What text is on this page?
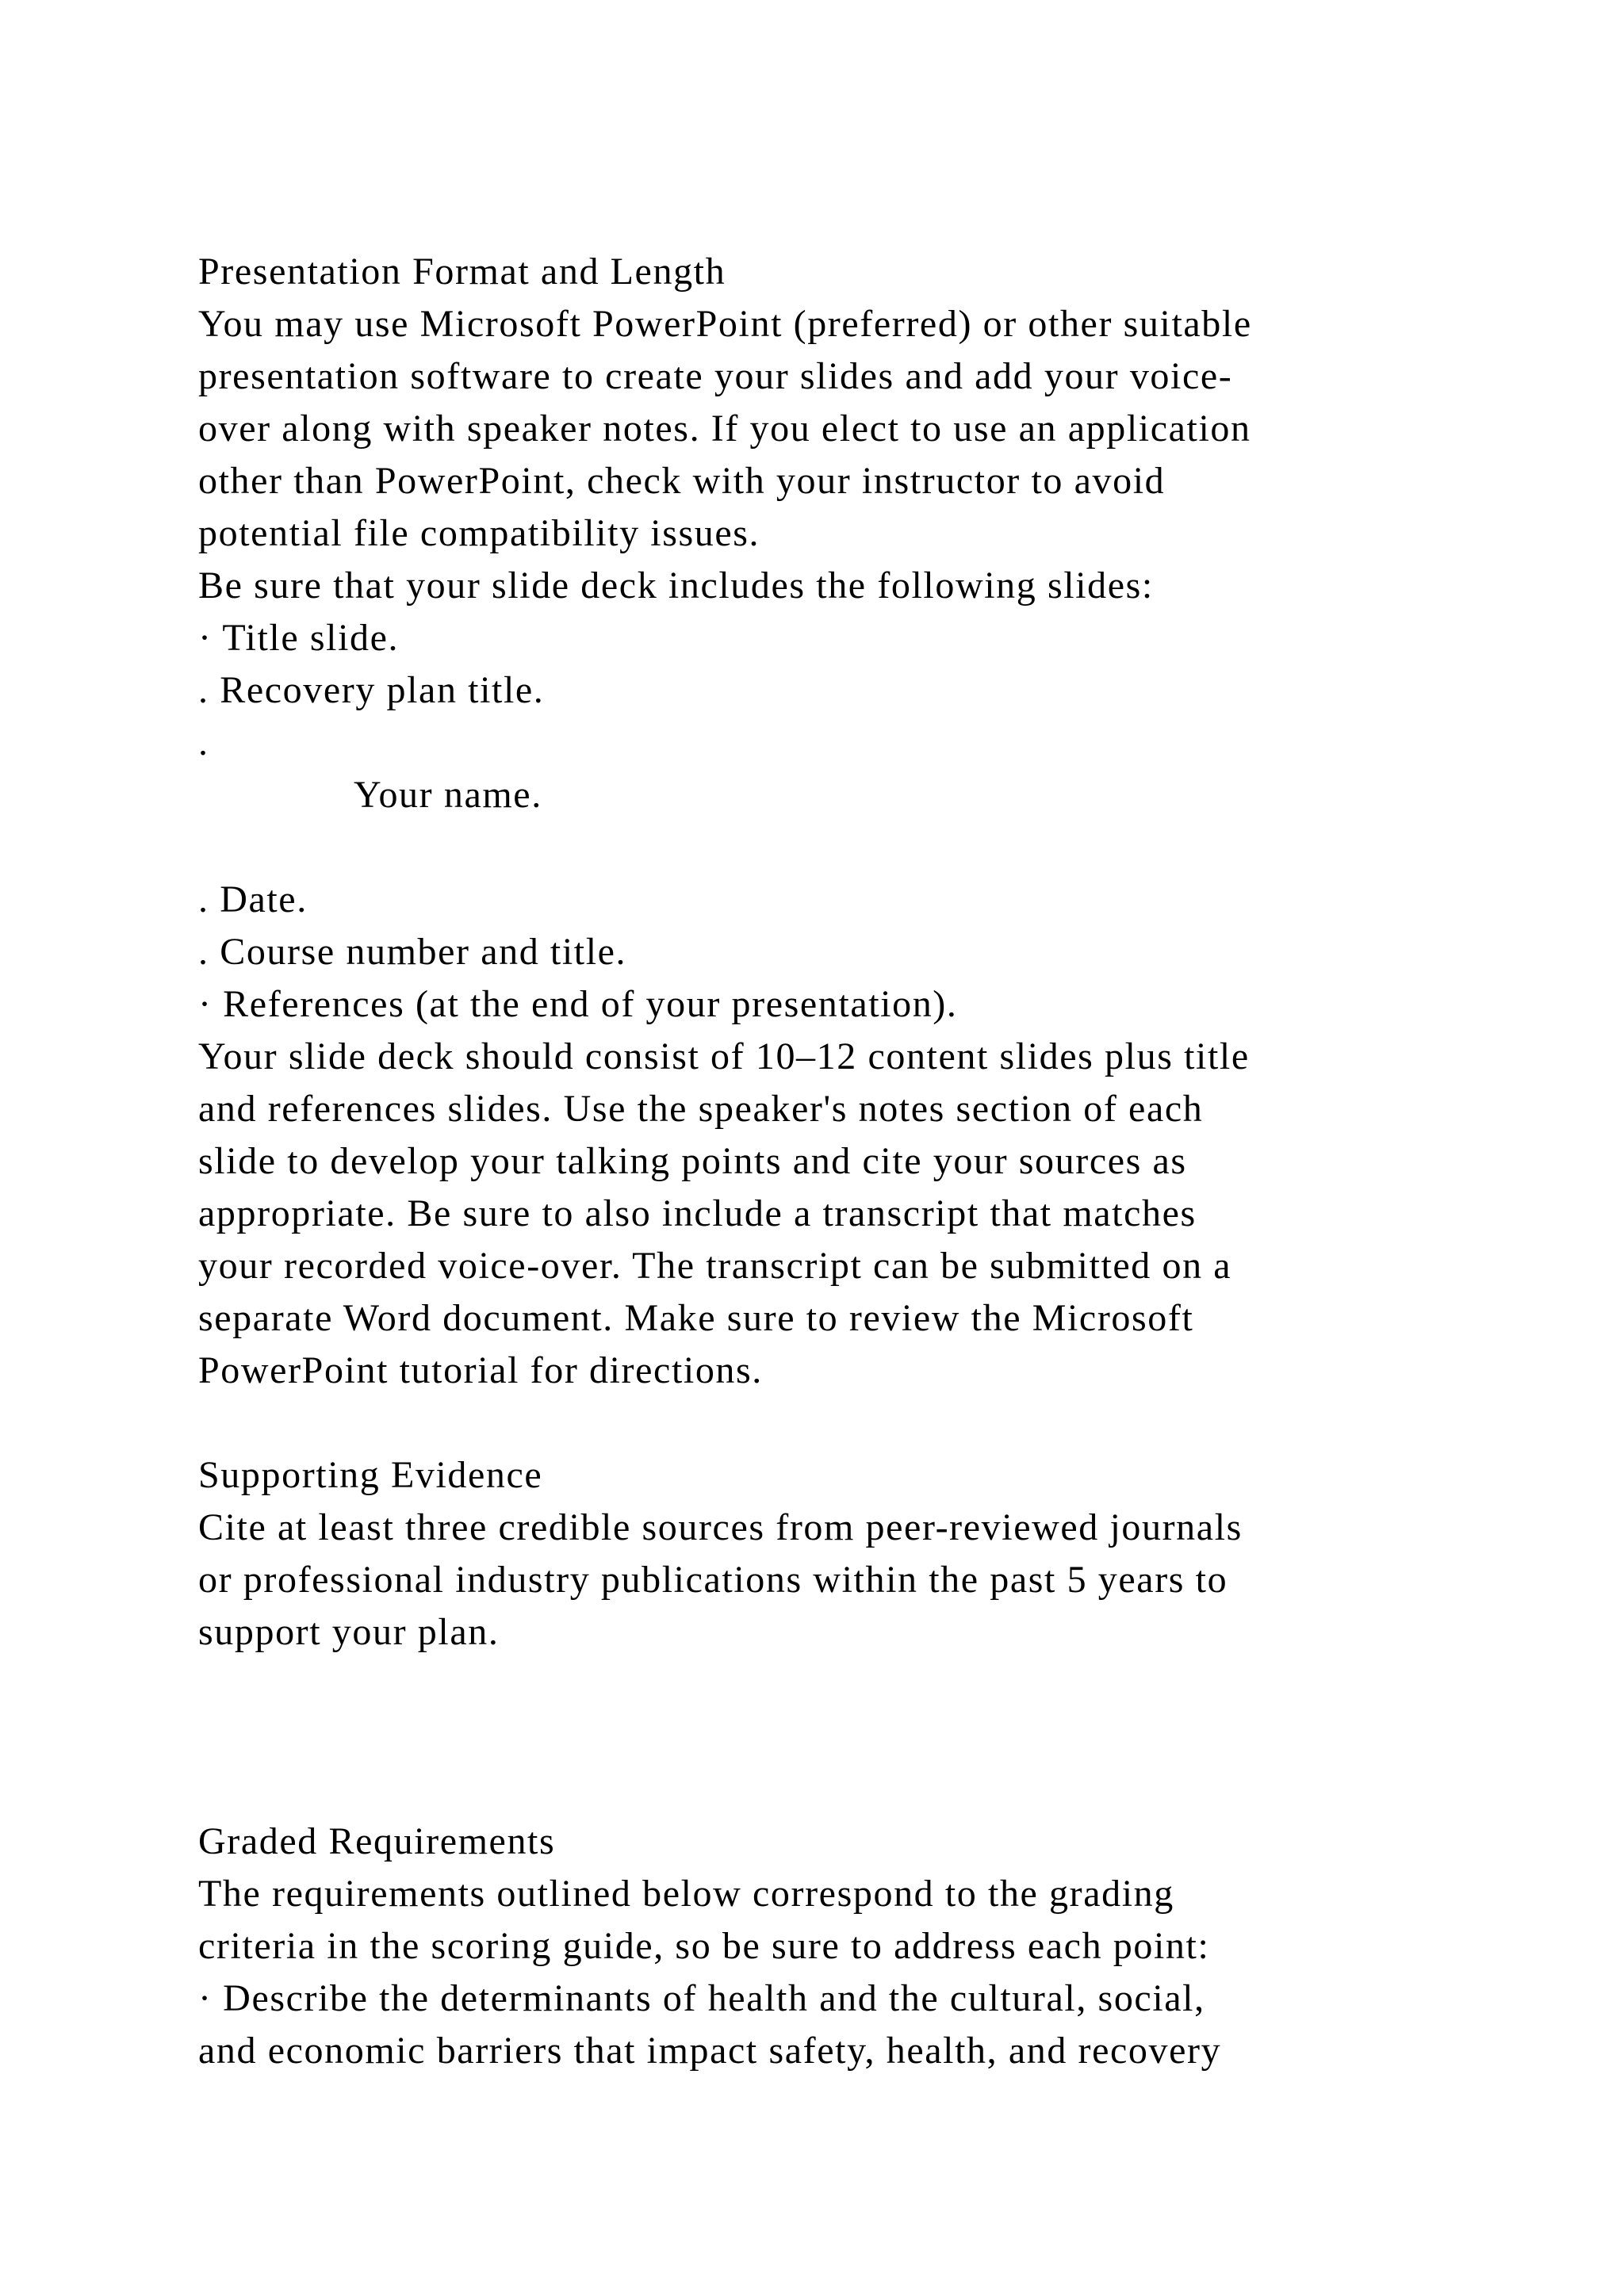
Presentation Format and Length
You may use Microsoft PowerPoint (preferred) or other suitable
presentation software to create your slides and add your voice-
over along with speaker notes. If you elect to use an application
other than PowerPoint, check with your instructor to avoid
potential file compatibility issues.
Be sure that your slide deck includes the following slides:
· Title slide.
. Recovery plan title.
.
Your name.
. Date.
. Course number and title.
· References (at the end of your presentation).
Your slide deck should consist of 10–12 content slides plus title
and references slides. Use the speaker's notes section of each
slide to develop your talking points and cite your sources as
appropriate. Be sure to also include a transcript that matches
your recorded voice-over. The transcript can be submitted on a
separate Word document. Make sure to review the Microsoft
PowerPoint tutorial for directions.
Supporting Evidence
Cite at least three credible sources from peer-reviewed journals
or professional industry publications within the past 5 years to
support your plan.
Graded Requirements
The requirements outlined below correspond to the grading
criteria in the scoring guide, so be sure to address each point:
· Describe the determinants of health and the cultural, social,
and economic barriers that impact safety, health, and recovery
